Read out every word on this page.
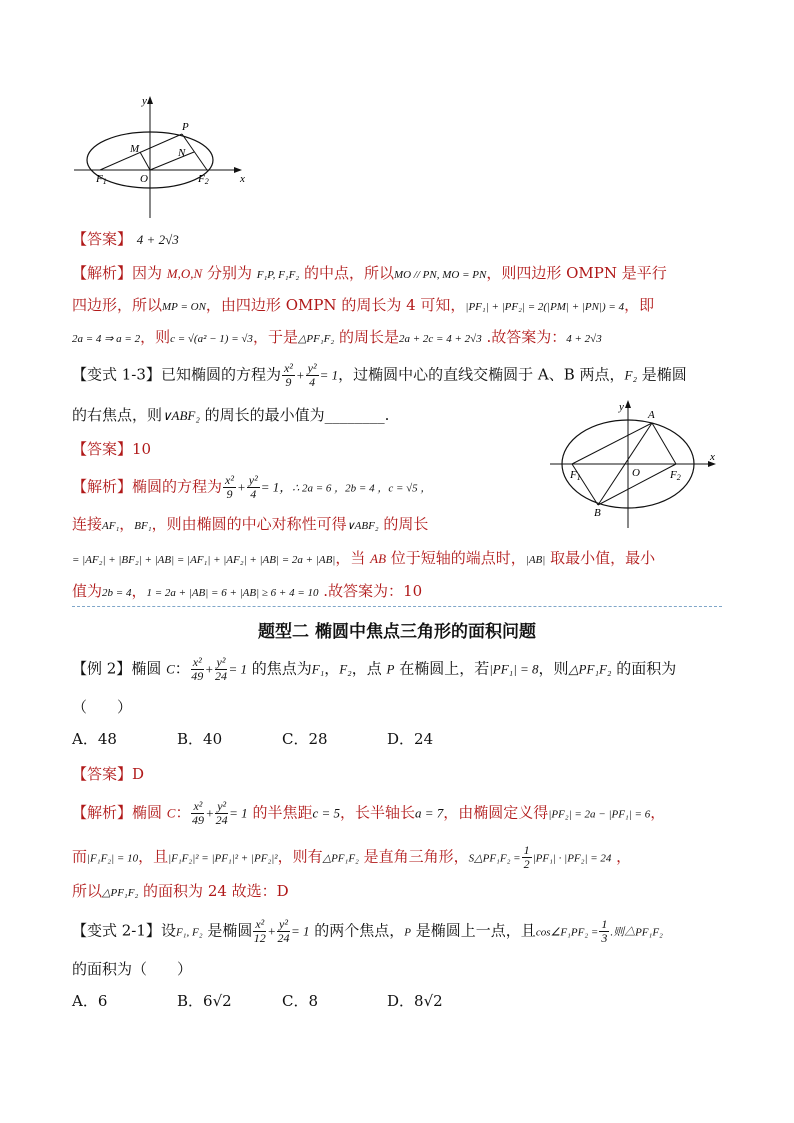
y
x
P
M	N
O
F1	F2
【答案】 4 + 2√3
【解析】因为 M,O,N 分别为 F₁P, F₁F₂ 的中点，所以MO // PN, MO = PN，则四边形 OMPN 是平行
四边形，所以MP = ON，由四边形 OMPN 的周长为 4 可知，|PF₁| + |PF₂| = 2(|PM| + |PN|) = 4，即
2a = 4 ⇒ a = 2，则c = √(a² − 1) = √3，于是△PF₁F₂ 的周长是2a + 2c = 4 + 2√3 .故答案为：4 + 2√3
【变式 1-3】已知椭圆的方程为 $\frac{\text{x²}}{9} + \frac{\text{y²}}{4} = 1$，过椭圆中心的直线交椭圆于 A、B 两点，F₂ 是椭圆
的右焦点，则∨ABF₂ 的周长的最小值为________.
【答案】10
【解析】椭圆的方程为 $\frac{\text{x²}}{9} + \frac{\text{y²}}{4} = 1$，∴ 2a = 6 ，2b = 4 ，c = √5 ，
连接AF₁，BF₁，则由椭圆的中心对称性可得∨ABF₂ 的周长
= |AF₂| + |BF₂| + |AB| = |AF₁| + |AF₂| + |AB| = 2a + |AB|，当 AB 位于短轴的端点时，|AB| 取最小值，最小
值为2b = 4，1 = 2a + |AB| = 6 + |AB| ≥ 6 + 4 = 10 .故答案为：10
y
x
A
B
O
F1	F2
题型二 椭圆中焦点三角形的面积问题
【例 2】椭圆 C： $\frac{\text{x²}}{49} + \frac{\text{y²}}{24} = 1$ 的焦点为F₁，F₂，点 P 在椭圆上，若|PF₁| = 8，则△PF₁F₂ 的面积为
（　　）
A．48	B．40	C．28	D．24
【答案】D
【解析】椭圆 C： $\frac{\text{x²}}{49} + \frac{\text{y²}}{24} = 1$ 的半焦距c = 5，长半轴长a = 7，由椭圆定义得|PF₂| = 2a − |PF₁| = 6，
而|F₁F₂| = 10，且|F₁F₂|² = |PF₁|² + |PF₂|²，则有△PF₁F₂ 是直角三角形，S△PF₁F₂ = $\frac{1}{2} |PF_1| \cdot |PF_2| = 24$ ，
所以△PF₁F₂ 的面积为 24 故选：D
【变式 2-1】设F₁, F₂ 是椭圆 $\frac{\text{x²}}{12} + \frac{\text{y²}}{24} = 1$ 的两个焦点，P 是椭圆上一点，且cos∠F₁PF₂ = $\frac{1}{3}$ .则△PF₁F₂
的面积为（　　）
A．6	B．6√2	C．8	D．8√2
